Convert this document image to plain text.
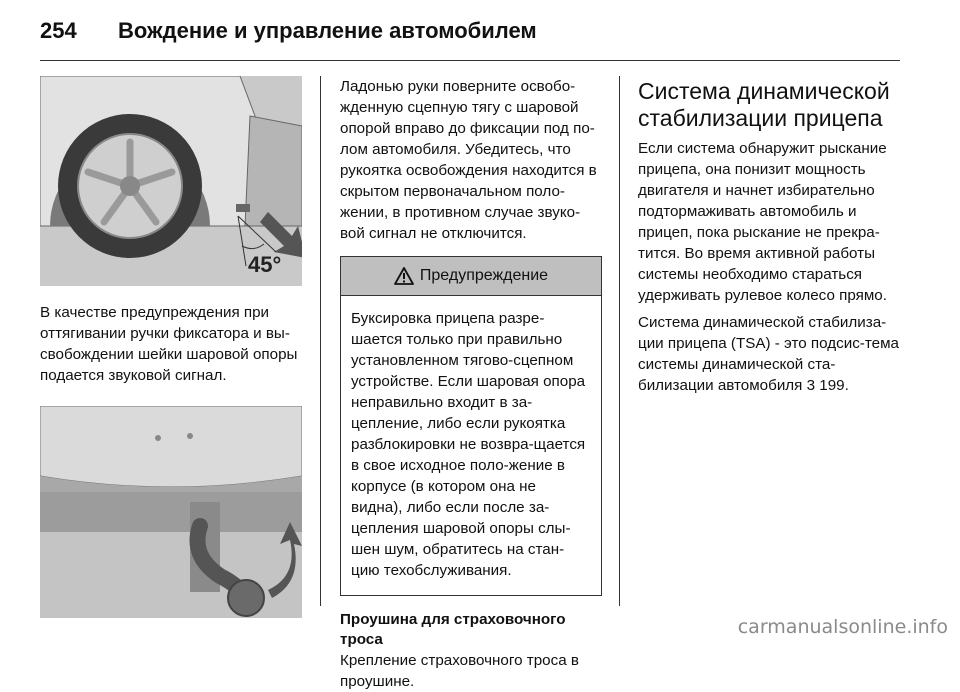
254 Вождение и управление автомобилем
45°

В качестве предупреждения при оттягивании ручки фиксатора и вы-свобождении шейки шаровой опоры подается звуковой сигнал.

Ладонью руки поверните освобо-жденную сцепную тягу с шаровой опорой вправо до фиксации под по-лом автомобиля. Убедитесь, что рукоятка освобождения находится в скрытом первоначальном поло-жении, в противном случае звуко-вой сигнал не отключится.

Предупреждение
Буксировка прицепа разре-шается только при правильно установленном тягово-сцепном устройстве. Если шаровая опора неправильно входит в за-цепление, либо если рукоятка разблокировки не возвра-щается в свое исходное поло-жение в корпусе (в котором она не видна), либо если после за-цепления шаровой опоры слы-шен шум, обратитесь на стан-цию техобслуживания.
Проушина для страховочного троса

Крепление страховочного троса в проушине.

Система динамической стабилизации прицепа

Если система обнаружит рыскание прицепа, она понизит мощность двигателя и начнет избирательно подтормаживать автомобиль и прицеп, пока рыскание не прекра-тится. Во время активной работы системы необходимо стараться удерживать рулевое колесо прямо.

Система динамической стабилиза-ции прицепа (TSA) - это подсис-тема системы динамической ста-билизации автомобиля 3 199.

carmanualsonline.info
